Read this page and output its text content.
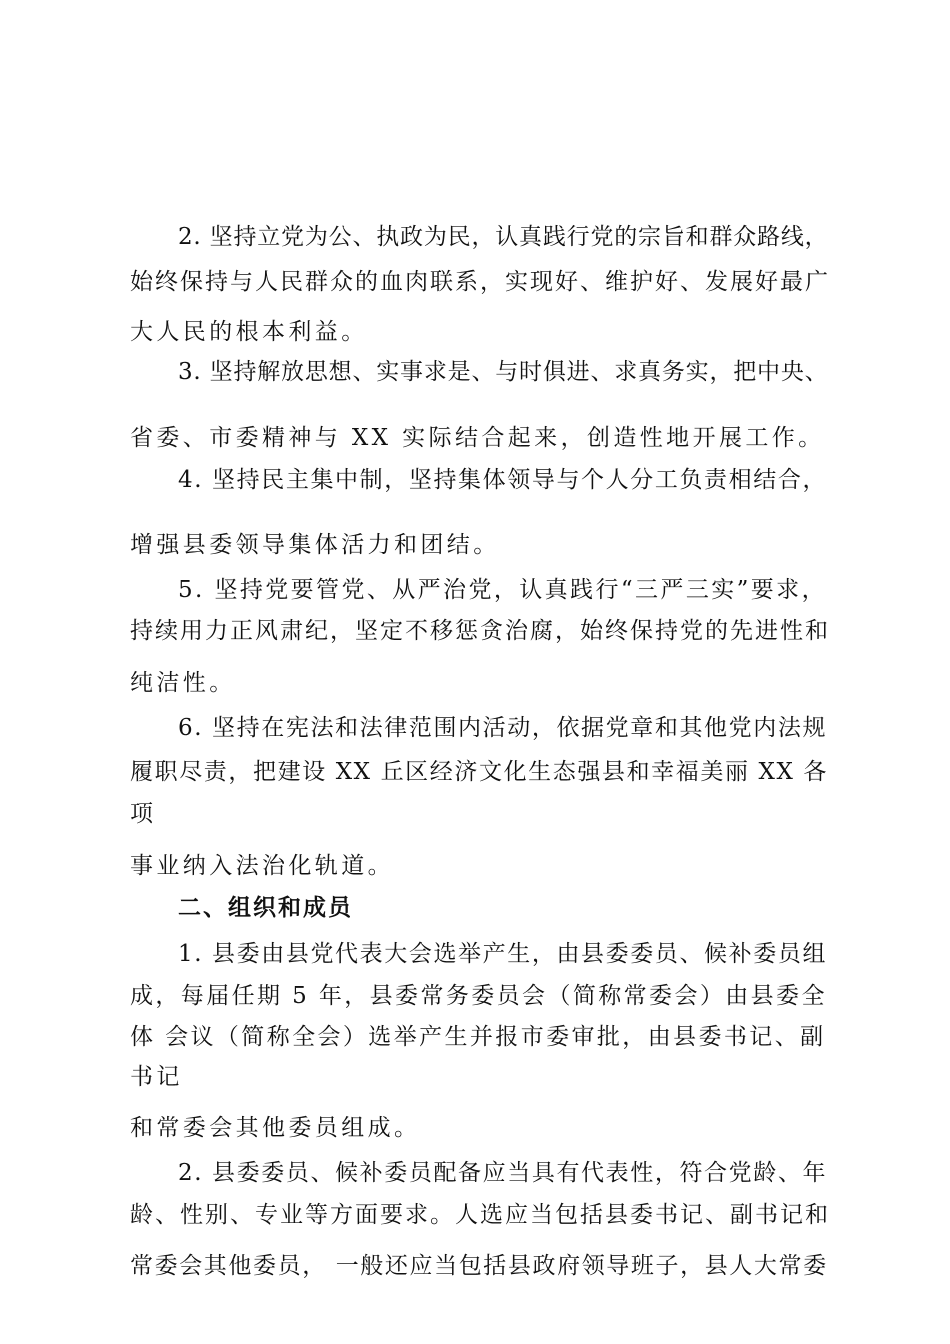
2. 坚持立党为公、执政为民，认真践行党的宗旨和群众路线，
始终保持与人民群众的血肉联系，实现好、维护好、发展好最广
大人民的根本利益。
3. 坚持解放思想、实事求是、与时俱进、求真务实，把中央、
省委、市委精神与 XX 实际结合起来，创造性地开展工作。
4. 坚持民主集中制，坚持集体领导与个人分工负责相结合，
增强县委领导集体活力和团结。
5. 坚持党要管党、从严治党，认真践行“三严三实”要求，
持续用力正风肃纪，坚定不移惩贪治腐，始终保持党的先进性和
纯洁性。
6. 坚持在宪法和法律范围内活动，依据党章和其他党内法规
履职尽责，把建设 XX 丘区经济文化生态强县和幸福美丽 XX 各
项
事业纳入法治化轨道。
二、组织和成员
1. 县委由县党代表大会选举产生，由县委委员、候补委员组
成，每届任期 5 年，县委常务委员会（简称常委会）由县委全
体 会议（简称全会）选举产生并报市委审批，由县委书记、副
书记
和常委会其他委员组成。
2. 县委委员、候补委员配备应当具有代表性，符合党龄、年
龄、性别、专业等方面要求。人选应当包括县委书记、副书记和
常委会其他委员， 一般还应当包括县政府领导班子，县人大常委
